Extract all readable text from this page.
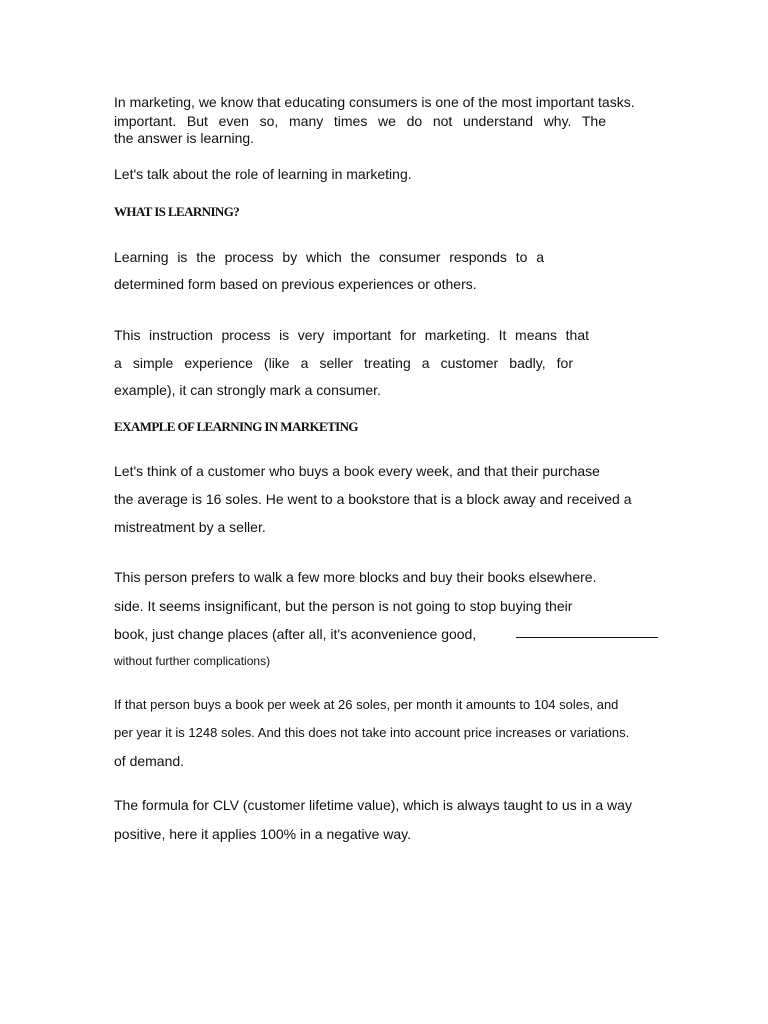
In marketing, we know that educating consumers is one of the most important tasks.
important. But even so, many times we do not understand why. The
the answer is learning.
Let's talk about the role of learning in marketing.
WHAT IS LEARNING?
Learning is the process by which the consumer responds to a
determined form based on previous experiences or others.
This instruction process is very important for marketing. It means that
a simple experience (like a seller treating a customer badly, for
example), it can strongly mark a consumer.
EXAMPLE OF LEARNING IN MARKETING
Let's think of a customer who buys a book every week, and that their purchase
the average is 16 soles. He went to a bookstore that is a block away and received a
mistreatment by a seller.
This person prefers to walk a few more blocks and buy their books elsewhere.
side. It seems insignificant, but the person is not going to stop buying their
book, just change places (after all, it's aconvenience good,
without further complications)
If that person buys a book per week at 26 soles, per month it amounts to 104 soles, and
per year it is 1248 soles. And this does not take into account price increases or variations.
of demand.
The formula for CLV (customer lifetime value), which is always taught to us in a way
positive, here it applies 100% in a negative way.
